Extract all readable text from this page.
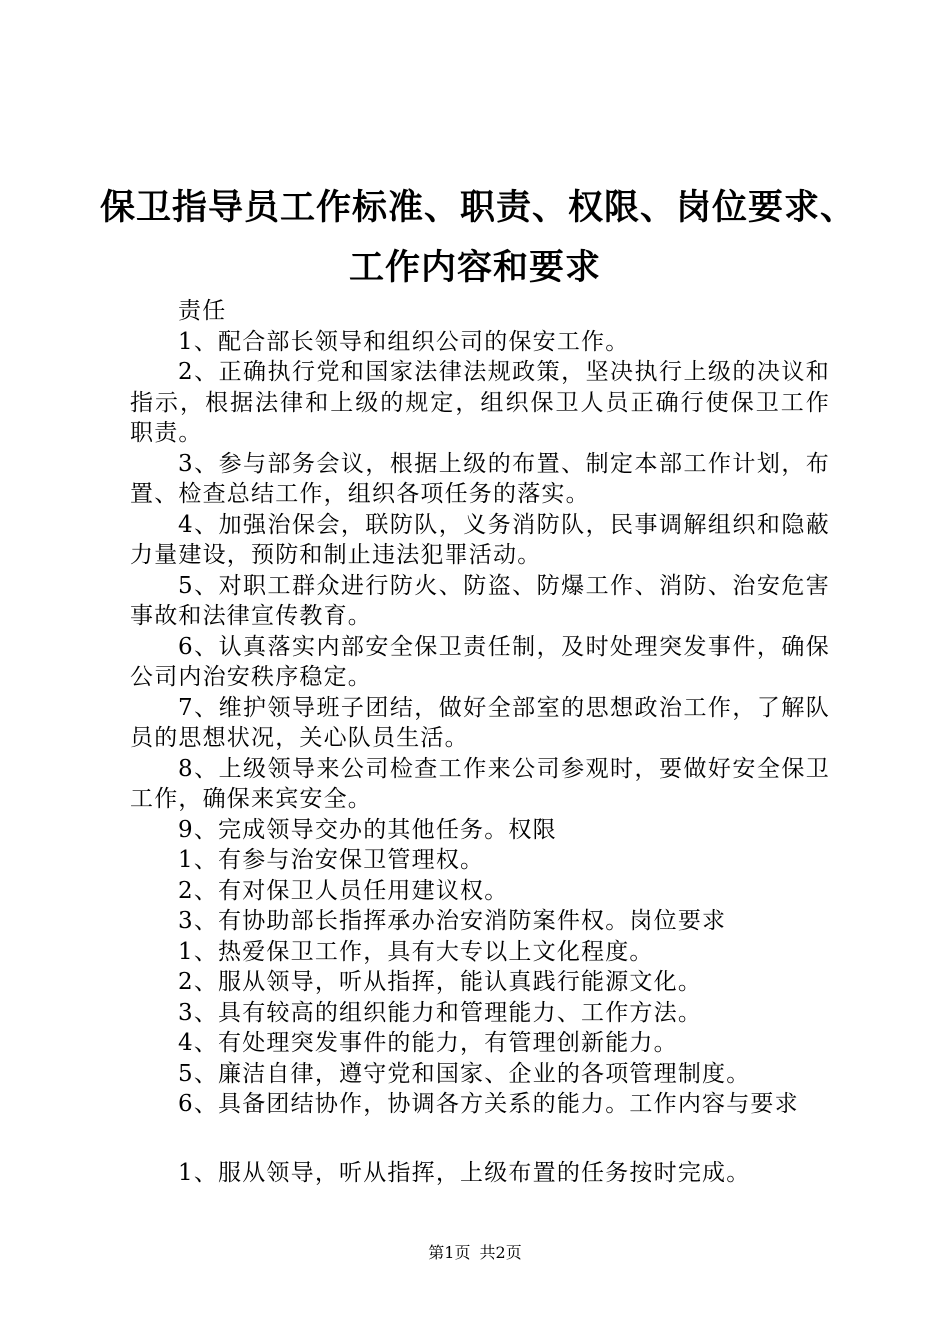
保卫指导员工作标准、职责、权限、岗位要求、
工作内容和要求

责任

1、配合部长领导和组织公司的保安工作。

2、正确执行党和国家法律法规政策，坚决执行上级的决议和指示，根据法律和上级的规定，组织保卫人员正确行使保卫工作职责。

3、参与部务会议，根据上级的布置、制定本部工作计划，布置、检查总结工作，组织各项任务的落实。

4、加强治保会，联防队，义务消防队，民事调解组织和隐蔽力量建设，预防和制止违法犯罪活动。

5、对职工群众进行防火、防盗、防爆工作、消防、治安危害事故和法律宣传教育。

6、认真落实内部安全保卫责任制，及时处理突发事件，确保公司内治安秩序稳定。

7、维护领导班子团结，做好全部室的思想政治工作，了解队员的思想状况，关心队员生活。

8、上级领导来公司检查工作来公司参观时，要做好安全保卫工作，确保来宾安全。

9、完成领导交办的其他任务。权限

1、有参与治安保卫管理权。

2、有对保卫人员任用建议权。

3、有协助部长指挥承办治安消防案件权。岗位要求

1、热爱保卫工作，具有大专以上文化程度。

2、服从领导，听从指挥，能认真践行能源文化。

3、具有较高的组织能力和管理能力、工作方法。

4、有处理突发事件的能力，有管理创新能力。

5、廉洁自律，遵守党和国家、企业的各项管理制度。

6、具备团结协作，协调各方关系的能力。工作内容与要求

1、服从领导，听从指挥，上级布置的任务按时完成。

第1页 共2页
